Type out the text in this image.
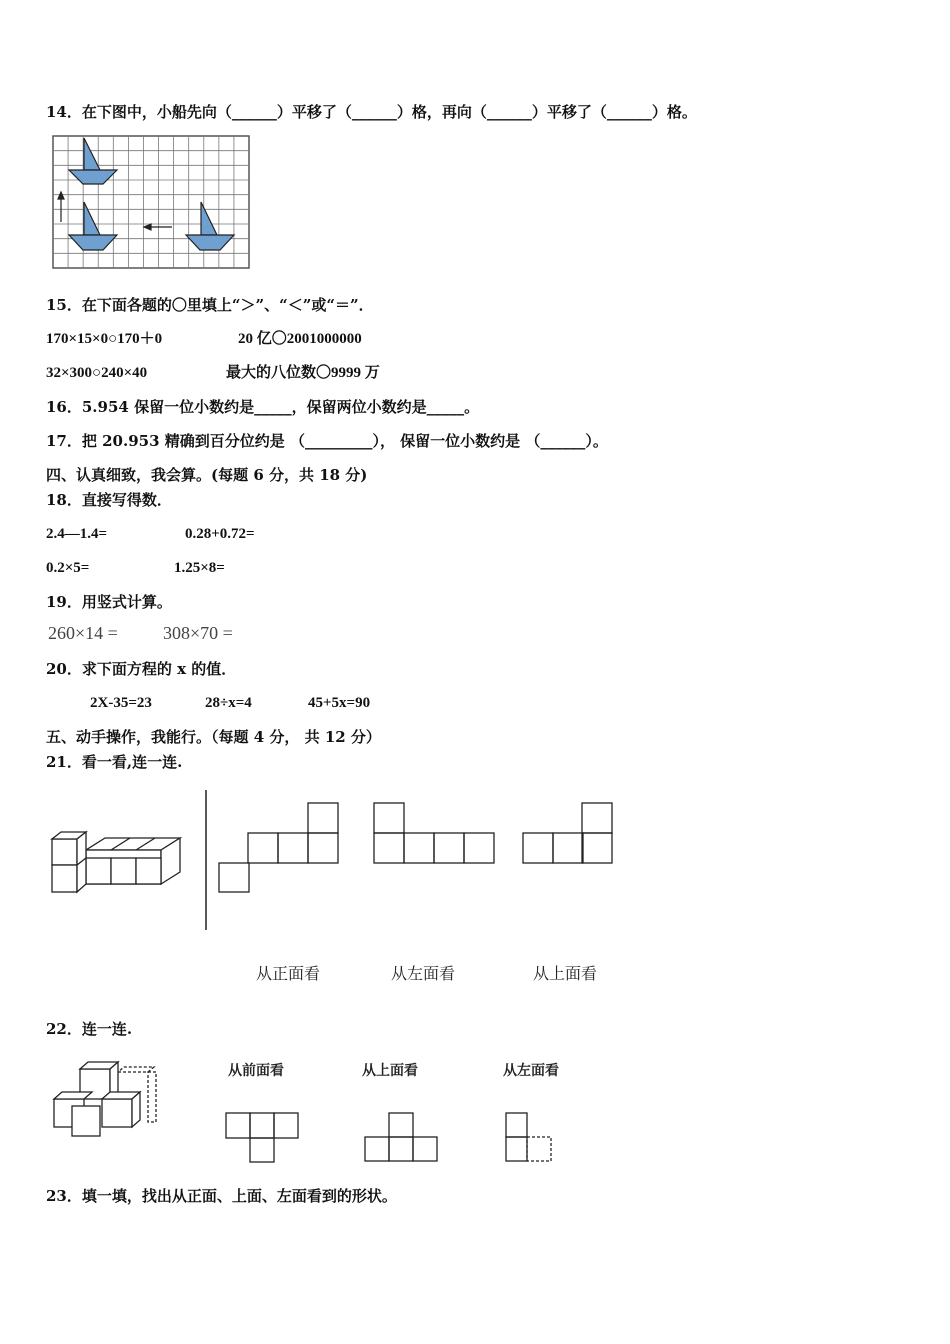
14．在下图中，小船先向（______）平移了（______）格，再向（______）平移了（______）格。
15．在下面各题的〇里填上“＞”、“＜”或“＝”．
170×15×0○170＋0	20 亿〇2001000000
32×300○240×40	最大的八位数〇9999 万
16．5.954 保留一位小数约是_____，保留两位小数约是_____。
17．把 20.953 精确到百分位约是 （_________）， 保留一位小数约是 （______）。
四、认真细致，我会算。(每题 6 分，共 18 分)
18．直接写得数．
2.4—1.4=	0.28+0.72=
0.2×5=	1.25×8=
19．用竖式计算。
260×14 =	308×70 =
20．求下面方程的 x 的值．
2X-35=23	28÷x=4	45+5x=90
五、动手操作，我能行。（每题 4 分， 共 12 分）
21．看一看,连一连.
从正面看	从左面看	从上面看
22．连一连.
从前面看	从上面看	从左面看
23．填一填，找出从正面、上面、左面看到的形状。
